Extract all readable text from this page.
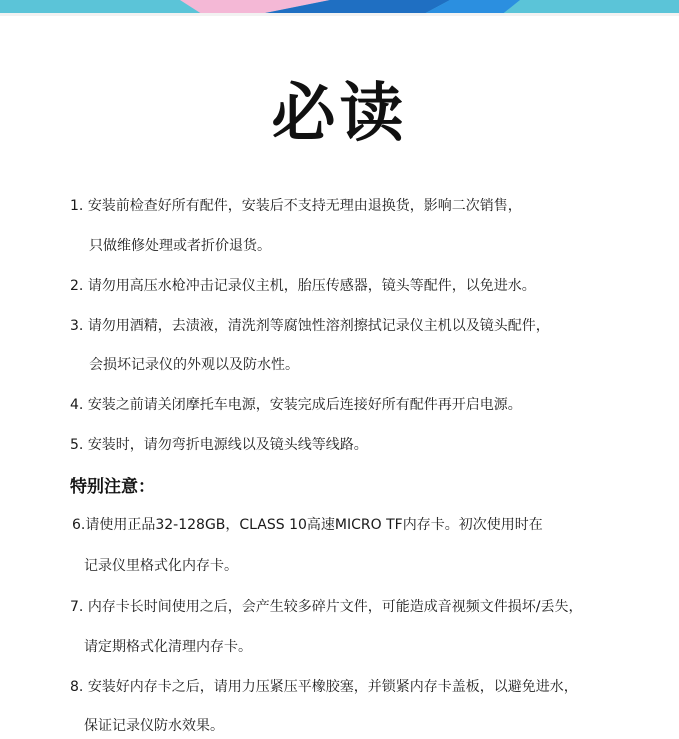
必读
1. 安装前检查好所有配件，安装后不支持无理由退换货，影响二次销售，
只做维修处理或者折价退货。
2. 请勿用高压水枪冲击记录仪主机，胎压传感器，镜头等配件，以免进水。
3. 请勿用酒精，去渍液，清洗剂等腐蚀性溶剂擦拭记录仪主机以及镜头配件，
会损坏记录仪的外观以及防水性。
4. 安装之前请关闭摩托车电源，安装完成后连接好所有配件再开启电源。
5. 安装时，请勿弯折电源线以及镜头线等线路。
特别注意：
6.请使用正品32-128GB，CLASS 10高速MICRO TF内存卡。初次使用时在
记录仪里格式化内存卡。
7. 内存卡长时间使用之后，会产生较多碎片文件，可能造成音视频文件损坏/丢失，
请定期格式化清理内存卡。
8. 安装好内存卡之后，请用力压紧压平橡胶塞，并锁紧内存卡盖板，以避免进水，
保证记录仪防水效果。
